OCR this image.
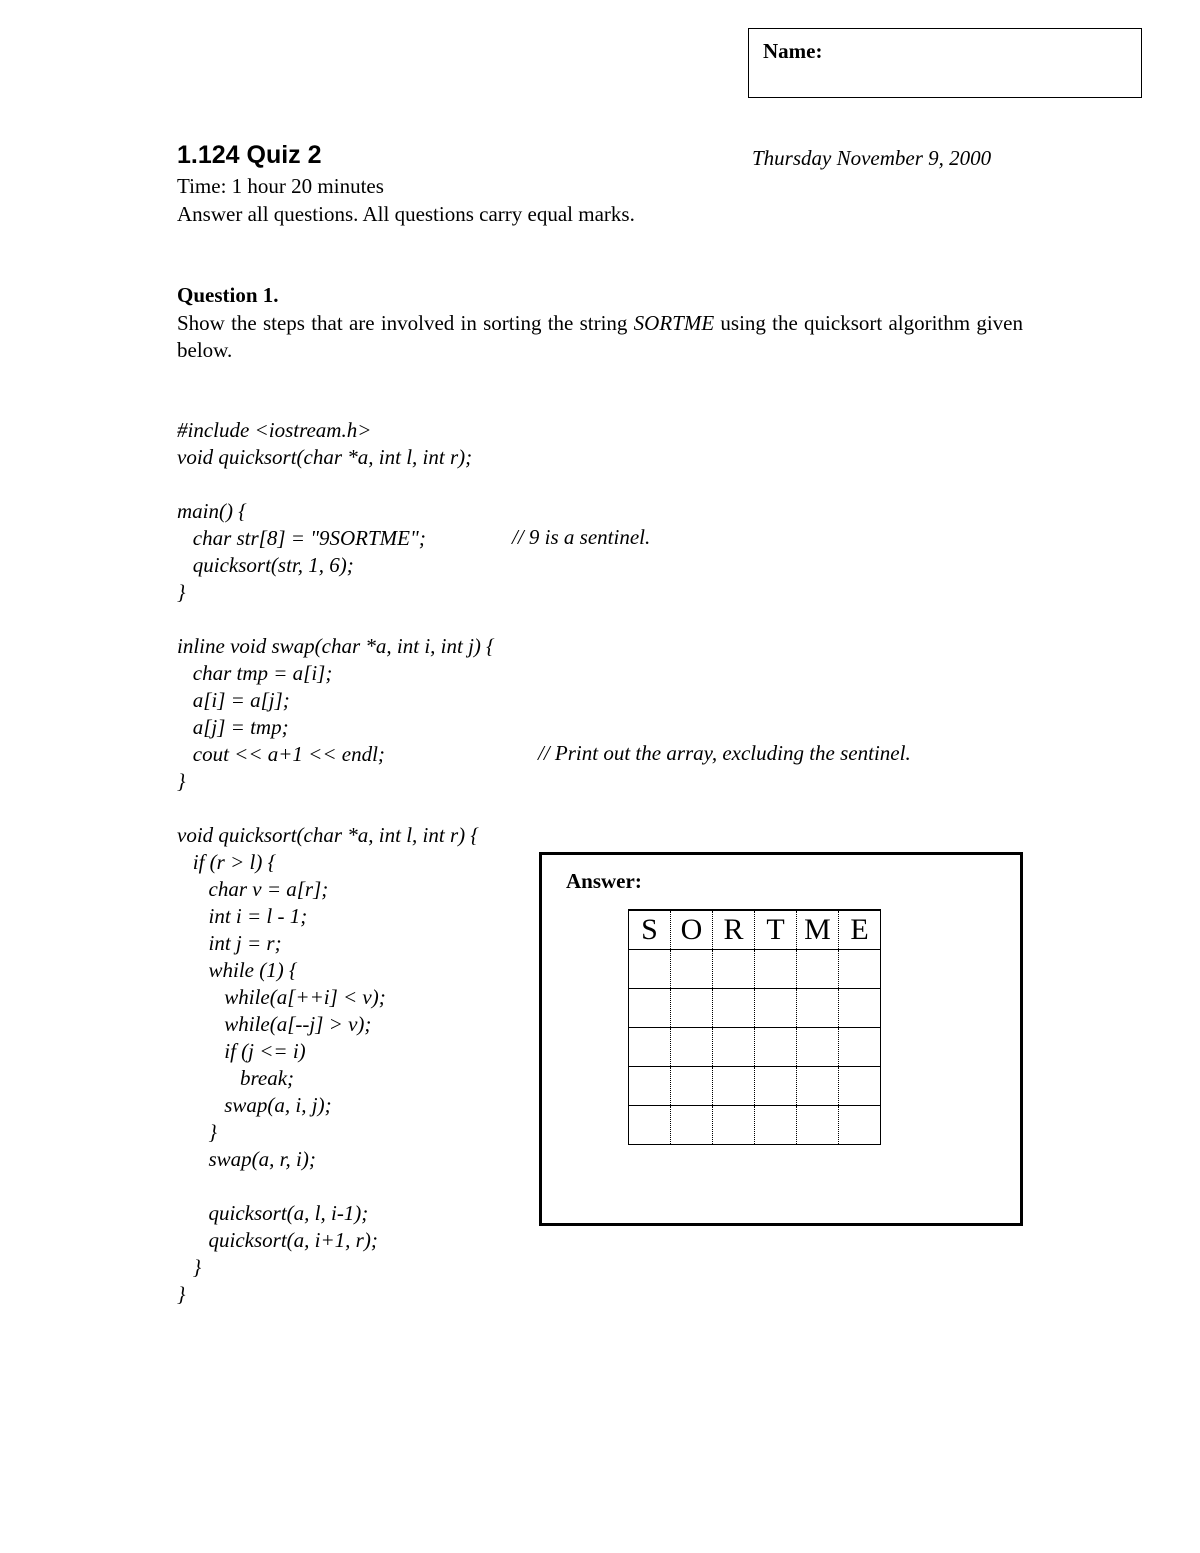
Name:
1.124 Quiz 2	Thursday November 9, 2000
Time: 1 hour 20 minutes
Answer all questions. All questions carry equal marks.
Question 1.
Show the steps that are involved in sorting the string SORTME using the quicksort algorithm given below.
#include <iostream.h>
void quicksort(char *a, int l, int r);
main() {
char str[8] = "9SORTME";	// 9 is a sentinel.
quicksort(str, 1, 6);
}
inline void swap(char *a, int i, int j) {
char tmp = a[i];
a[i] = a[j];
a[j] = tmp;
cout << a+1 << endl;	// Print out the array, excluding the sentinel.
}
void quicksort(char *a, int l, int r) {
if (r > l) {
char v = a[r];
int i = l - 1;
int j = r;
while (1) {
while(a[++i] < v);
while(a[--j] > v);
if (j <= i)
break;
swap(a, i, j);
}
swap(a, r, i);
quicksort(a, l, i-1);
quicksort(a, i+1, r);
}
}
Answer:
S	O	R	T	M	E
